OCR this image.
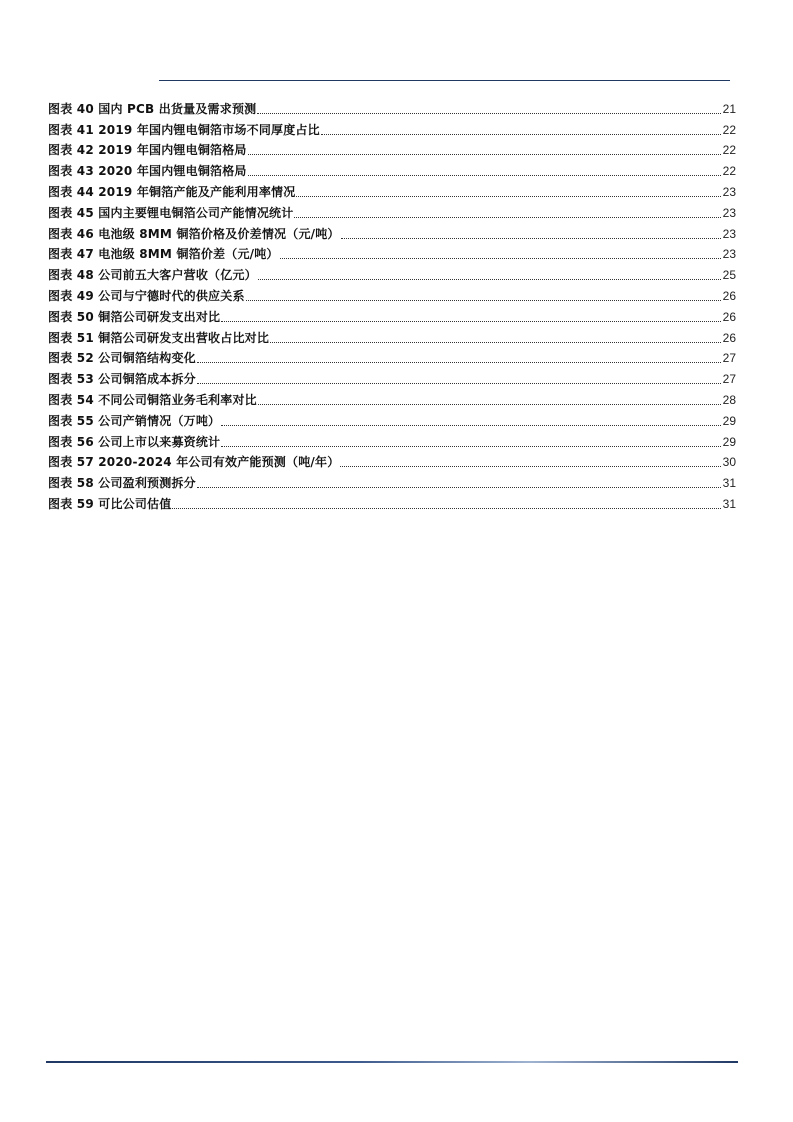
图表 40 国内 PCB 出货量及需求预测	21
图表 41 2019 年国内锂电铜箔市场不同厚度占比	22
图表 42 2019 年国内锂电铜箔格局	22
图表 43 2020 年国内锂电铜箔格局	22
图表 44 2019 年铜箔产能及产能利用率情况	23
图表 45 国内主要锂电铜箔公司产能情况统计	23
图表 46 电池级 8MM 铜箔价格及价差情况（元/吨）	23
图表 47 电池级 8MM 铜箔价差（元/吨）	23
图表 48 公司前五大客户营收（亿元）	25
图表 49 公司与宁德时代的供应关系	26
图表 50 铜箔公司研发支出对比	26
图表 51 铜箔公司研发支出营收占比对比	26
图表 52 公司铜箔结构变化	27
图表 53 公司铜箔成本拆分	27
图表 54 不同公司铜箔业务毛利率对比	28
图表 55 公司产销情况（万吨）	29
图表 56 公司上市以来募资统计	29
图表 57 2020-2024 年公司有效产能预测（吨/年）	30
图表 58 公司盈利预测拆分	31
图表 59 可比公司估值	31
